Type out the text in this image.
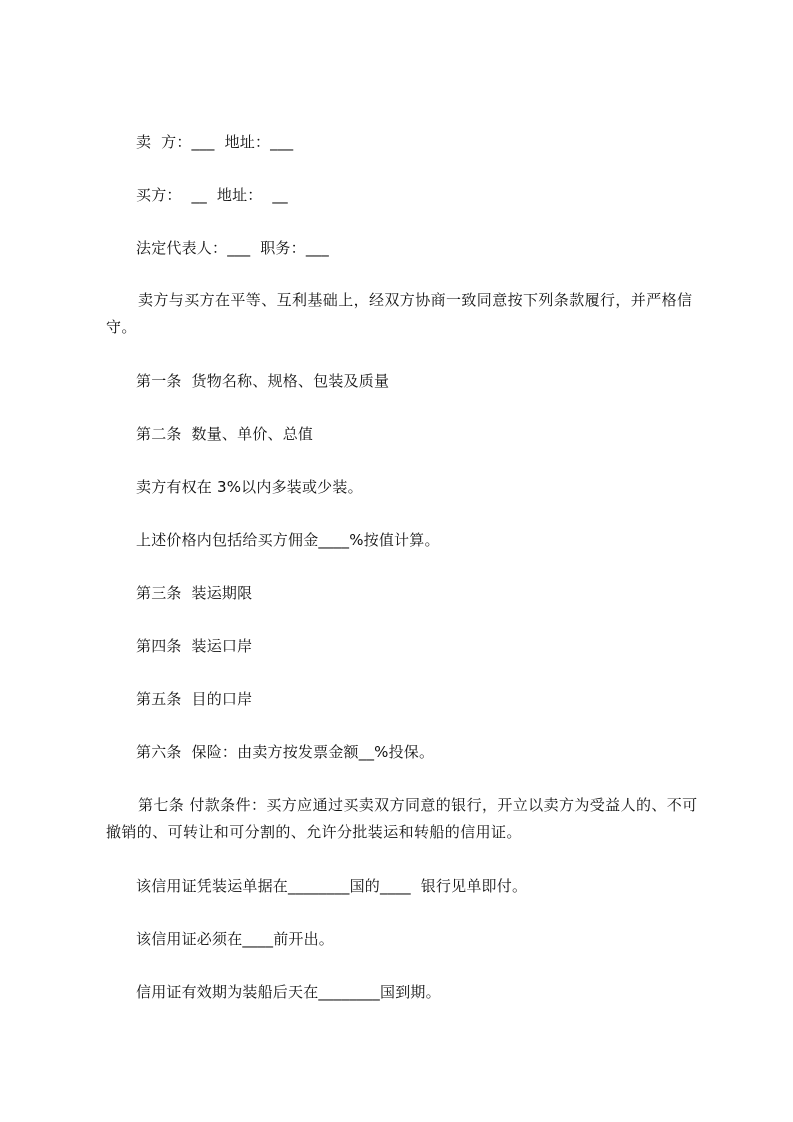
卖  方：___  地址：___
买方：  __  地址：  __
法定代表人：___  职务：___
卖方与买方在平等、互利基础上，经双方协商一致同意按下列条款履行，并严格信守。
第一条  货物名称、规格、包装及质量
第二条  数量、单价、总值
卖方有权在 3%以内多装或少装。
上述价格内包括给买方佣金____%按值计算。
第三条  装运期限
第四条  装运口岸
第五条  目的口岸
第六条  保险：由卖方按发票金额__%投保。
第七条 付款条件：买方应通过买卖双方同意的银行，开立以卖方为受益人的、不可撤销的、可转让和可分割的、允许分批装运和转船的信用证。
该信用证凭装运单据在________国的____  银行见单即付。
该信用证必须在____前开出。
信用证有效期为装船后天在________国到期。
